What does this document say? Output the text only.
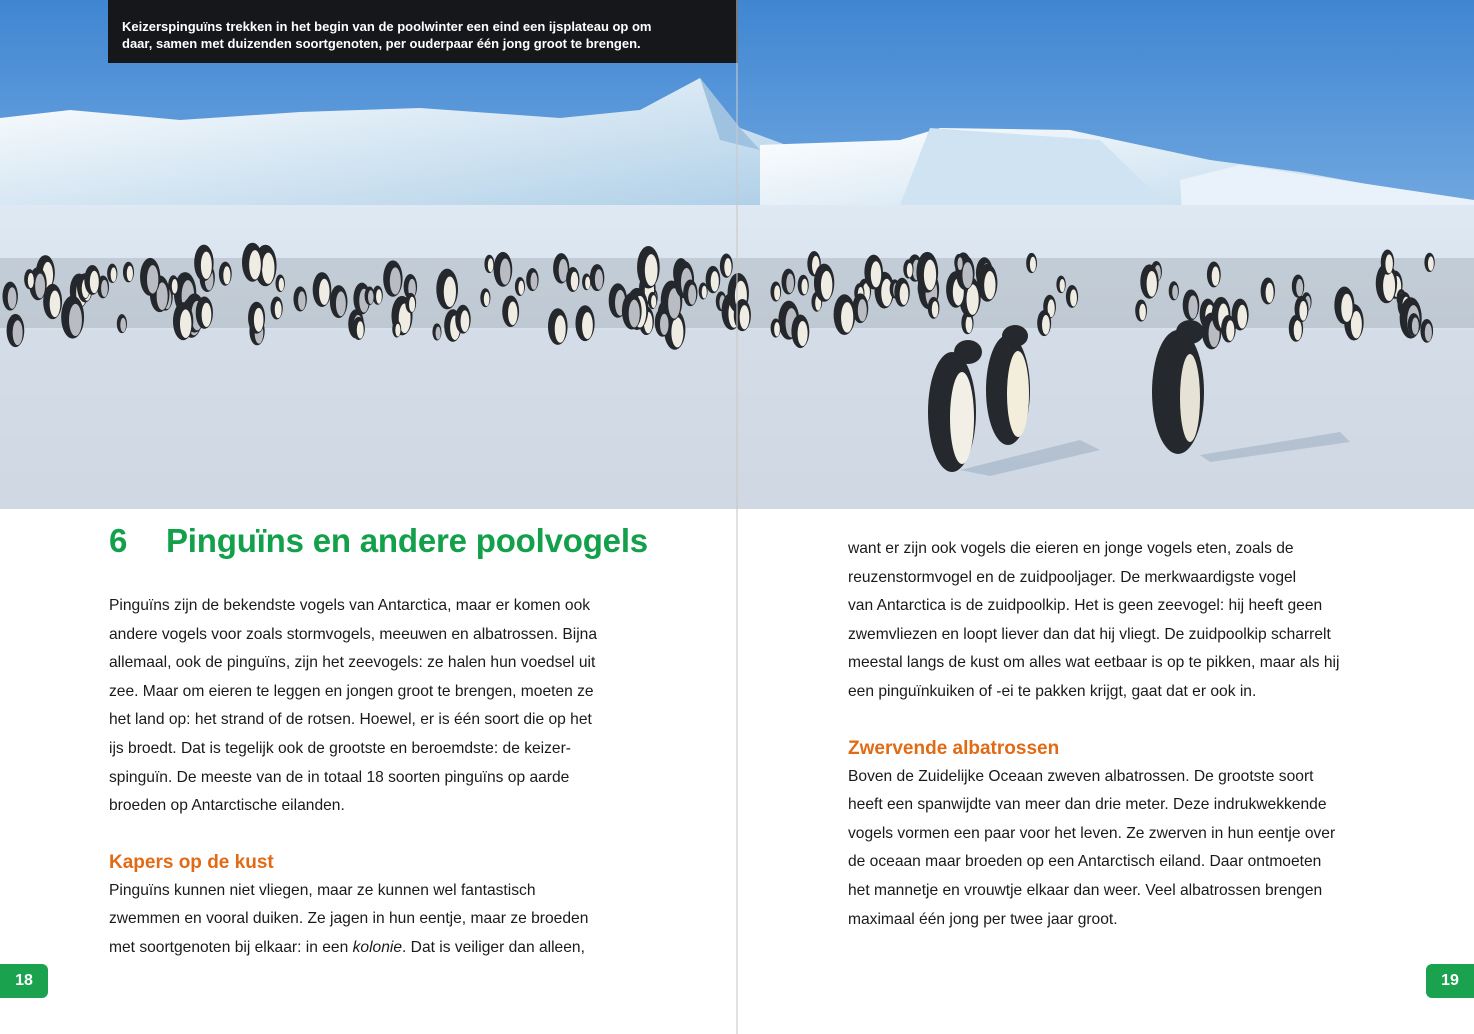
Keizerspinguïns trekken in het begin van de poolwinter een eind een ijsplateau op om
daar, samen met duizenden soortgenoten, per ouderpaar één jong groot te brengen.
6 Pinguïns en andere poolvogels

Pinguïns zijn de bekendste vogels van Antarctica, maar er komen ook

andere vogels voor zoals stormvogels, meeuwen en albatrossen. Bijna

allemaal, ook de pinguïns, zijn het zeevogels: ze halen hun voedsel uit

zee. Maar om eieren te leggen en jongen groot te brengen, moeten ze

het land op: het strand of de rotsen. Hoewel, er is één soort die op het

ijs broedt. Dat is tegelijk ook de grootste en beroemdste: de keizer-

spinguïn. De meeste van de in totaal 18 soorten pinguïns op aarde

broeden op Antarctische eilanden.

Kapers op de kust

Pinguïns kunnen niet vliegen, maar ze kunnen wel fantastisch

zwemmen en vooral duiken. Ze jagen in hun eentje, maar ze broeden

met soortgenoten bij elkaar: in een kolonie. Dat is veiliger dan alleen,

want er zijn ook vogels die eieren en jonge vogels eten, zoals de

reuzenstormvogel en de zuidpooljager. De merkwaardigste vogel

van Antarctica is de zuidpoolkip. Het is geen zeevogel: hij heeft geen

zwemvliezen en loopt liever dan dat hij vliegt. De zuidpoolkip scharrelt

meestal langs de kust om alles wat eetbaar is op te pikken, maar als hij

een pinguïnkuiken of -ei te pakken krijgt, gaat dat er ook in.

Zwervende albatrossen

Boven de Zuidelijke Oceaan zweven albatrossen. De grootste soort

heeft een spanwijdte van meer dan drie meter. Deze indrukwekkende

vogels vormen een paar voor het leven. Ze zwerven in hun eentje over

de oceaan maar broeden op een Antarctisch eiland. Daar ontmoeten

het mannetje en vrouwtje elkaar dan weer. Veel albatrossen brengen

maximaal één jong per twee jaar groot.

18	19
